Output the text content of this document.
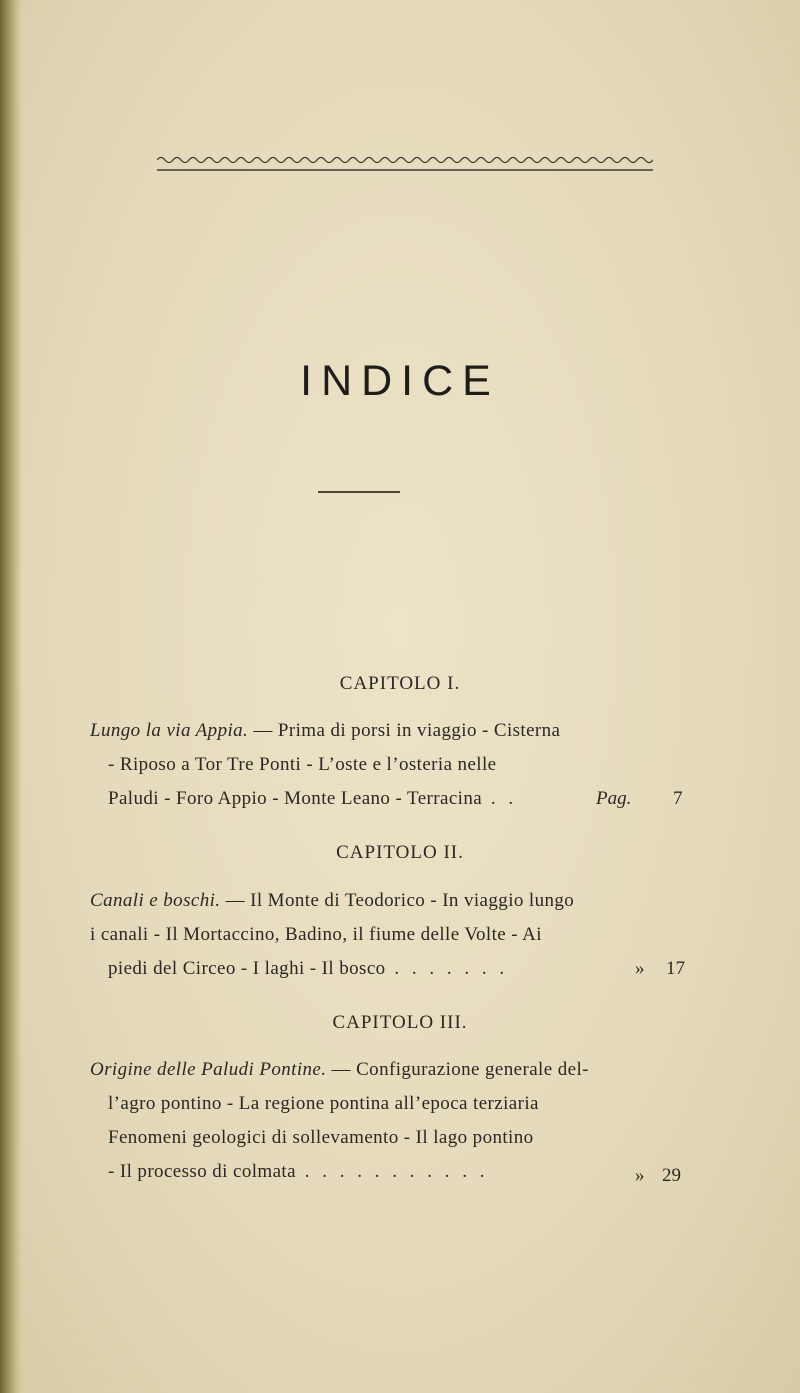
INDICE
CAPITOLO I.
Lungo la via Appia. — Prima di porsi in viaggio - Cisterna
- Riposo a Tor Tre Ponti - L’oste e l’osteria nelle
Paludi - Foro Appio - Monte Leano - Terracina . .	Pag. 7
CAPITOLO II.
Canali e boschi. — Il Monte di Teodorico - In viaggio lungo
i canali - Il Mortaccino, Badino, il fiume delle Volte - Ai
piedi del Circeo - I laghi - Il bosco . . . . . . .	» 17
CAPITOLO III.
Origine delle Paludi Pontine. — Configurazione generale del-
l’agro pontino - La regione pontina all’epoca terziaria
Fenomeni geologici di sollevamento - Il lago pontino
- Il processo di colmata . . . . . . . . . . .	» 29
